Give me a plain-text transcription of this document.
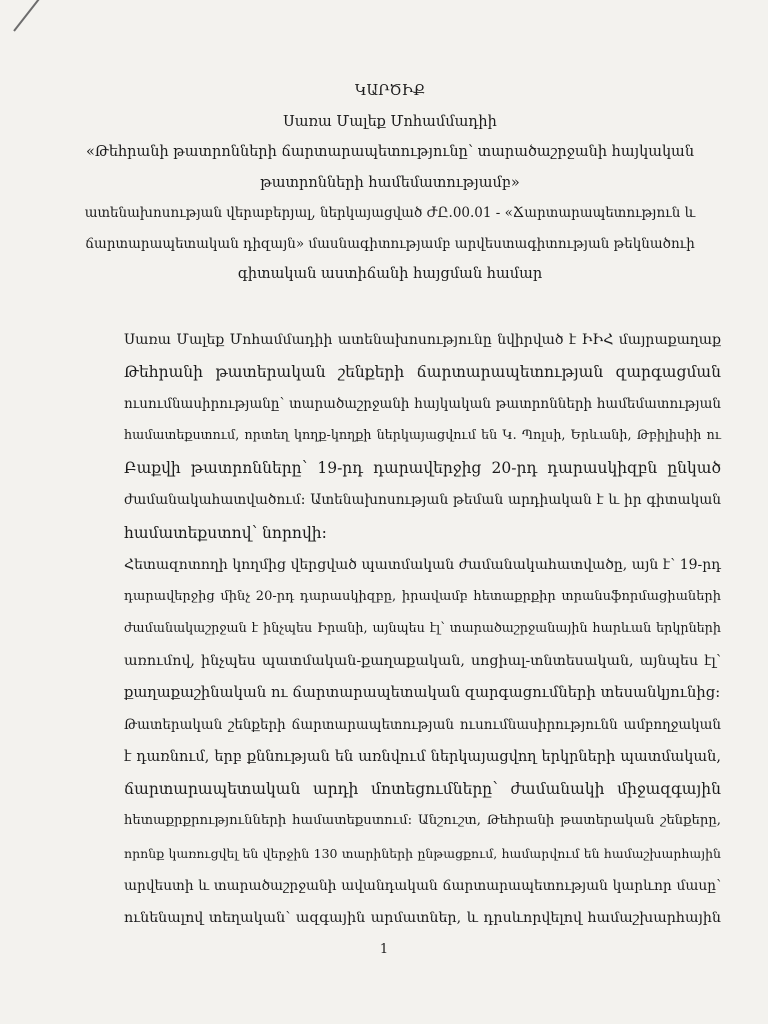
ԿԱՐԾԻՔ
Սառա Մալեք Մոհամմադիի
«Թեհրանի թատրոնների ճարտարապետությունը՝ տարածաշրջանի հայկական
թատրոնների համեմատությամբ»
ատենախոսության վերաբերյալ, ներկայացված ԺԸ.00.01 - «Ճարտարապետություն և
ճարտարապետական դիզայն» մասնագիտությամբ արվեստագիտության թեկնածուի
գիտական աստիճանի հայցման համար

Սառա Մալեք Մոհամմադիի ատենախոսությունը նվիրված է ԻԻՀ մայրաքաղաք
Թեհրանի թատերական շենքերի ճարտարապետության զարգացման
ուսումնասիրությանը՝ տարածաշրջանի հայկական թատրոնների համեմատության
համատեքստում, որտեղ կողք-կողքի ներկայացվում են Կ. Պոլսի, Երևանի, Թբիլիսիի ու
Բաքվի թատրոնները՝ 19-րդ դարավերջից 20-րդ դարասկիզբն ընկած
ժամանակահատվածում: Ատենախոսության թեման արդիական է և իր գիտական
համատեքստով՝ նորովի:

Հետազոտողի կողմից վերցված պատմական ժամանակահատվածը, այն է՝ 19-րդ
դարավերջից մինչ 20-րդ դարասկիզբը, իրավամբ հետաքրքիր տրանսֆորմացիաների
ժամանակաշրջան է ինչպես Իրանի, այնպես էլ՝ տարածաշրջանային հարևան երկրների
առումով, ինչպես պատմական-քաղաքական, սոցիալ-տնտեսական, այնպես էլ՝
քաղաքաշինական ու ճարտարապետական զարգացումների տեսանկյունից:

Թատերական շենքերի ճարտարապետության ուսումնասիրությունն ամբողջական
է դառնում, երբ քննության են առնվում ներկայացվող երկրների պատմական,
ճարտարապետական արդի մոտեցումները՝ ժամանակի միջազգային
հետաքրքրությունների համատեքստում: Անշուշտ, Թեհրանի թատերական շենքերը,
որոնք կառուցվել են վերջին 130 տարիների ընթացքում, համարվում են համաշխարհային
արվեստի և տարածաշրջանի ավանդական ճարտարապետության կարևոր մասը՝
ունենալով տեղական՝ ազգային արմատներ, և դրսևորվելով համաշխարհային

1
